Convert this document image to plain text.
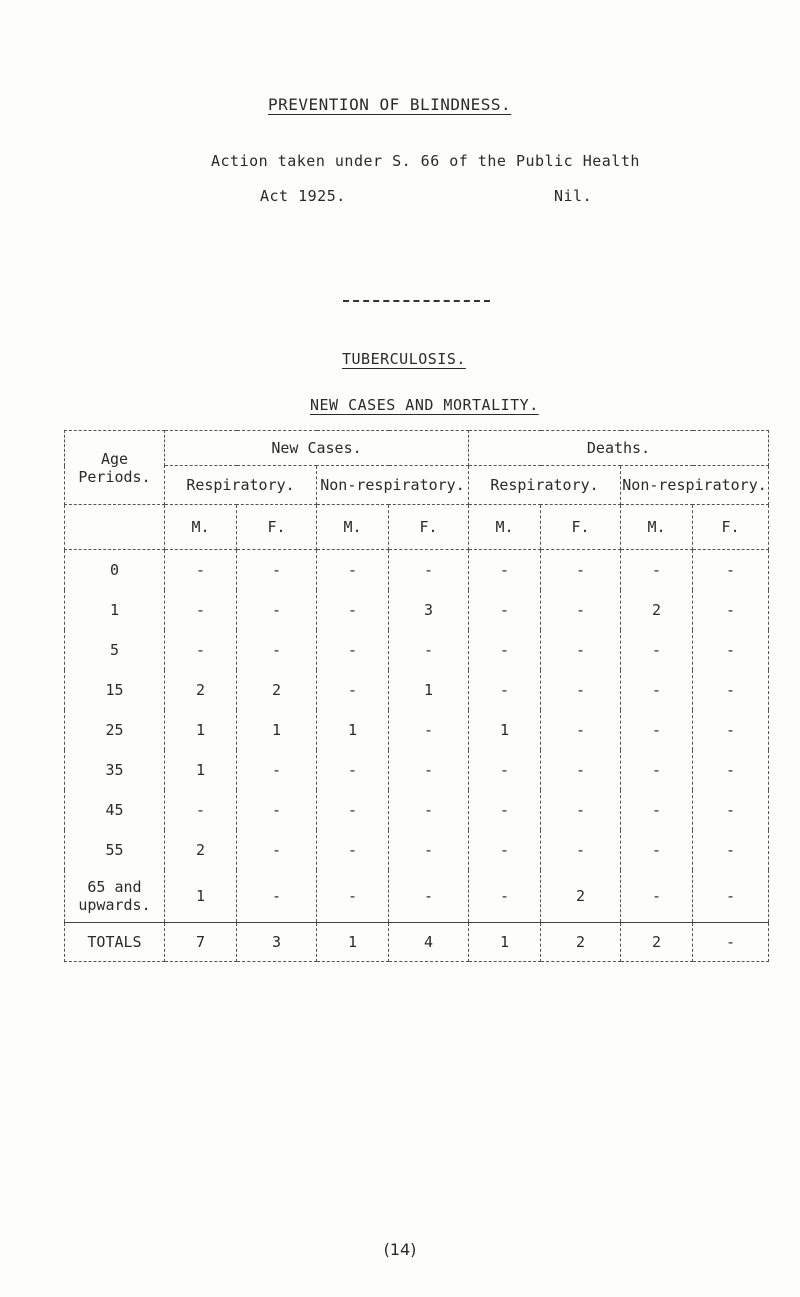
PREVENTION OF BLINDNESS.
Action taken under S. 66 of the Public Health
Act 1925.	Nil.
TUBERCULOSIS.
NEW CASES AND MORTALITY.
Age
Periods.	New Cases.				Deaths.			
	Respiratory.		Non-respiratory.		Respiratory.		Non-respiratory.	
	M.	F.	M.	F.	M.	F.	M.	F.
0	-	-	-	-	-	-	-	-
1	-	-	-	3	-	-	2	-
5	-	-	-	-	-	-	-	-
15	2	2	-	1	-	-	-	-
25	1	1	1	-	1	-	-	-
35	1	-	-	-	-	-	-	-
45	-	-	-	-	-	-	-	-
55	2	-	-	-	-	-	-	-
65 and
upwards.	1	-	-	-	-	2	-	-
TOTALS	7	3	1	4	1	2	2	-
(14)
